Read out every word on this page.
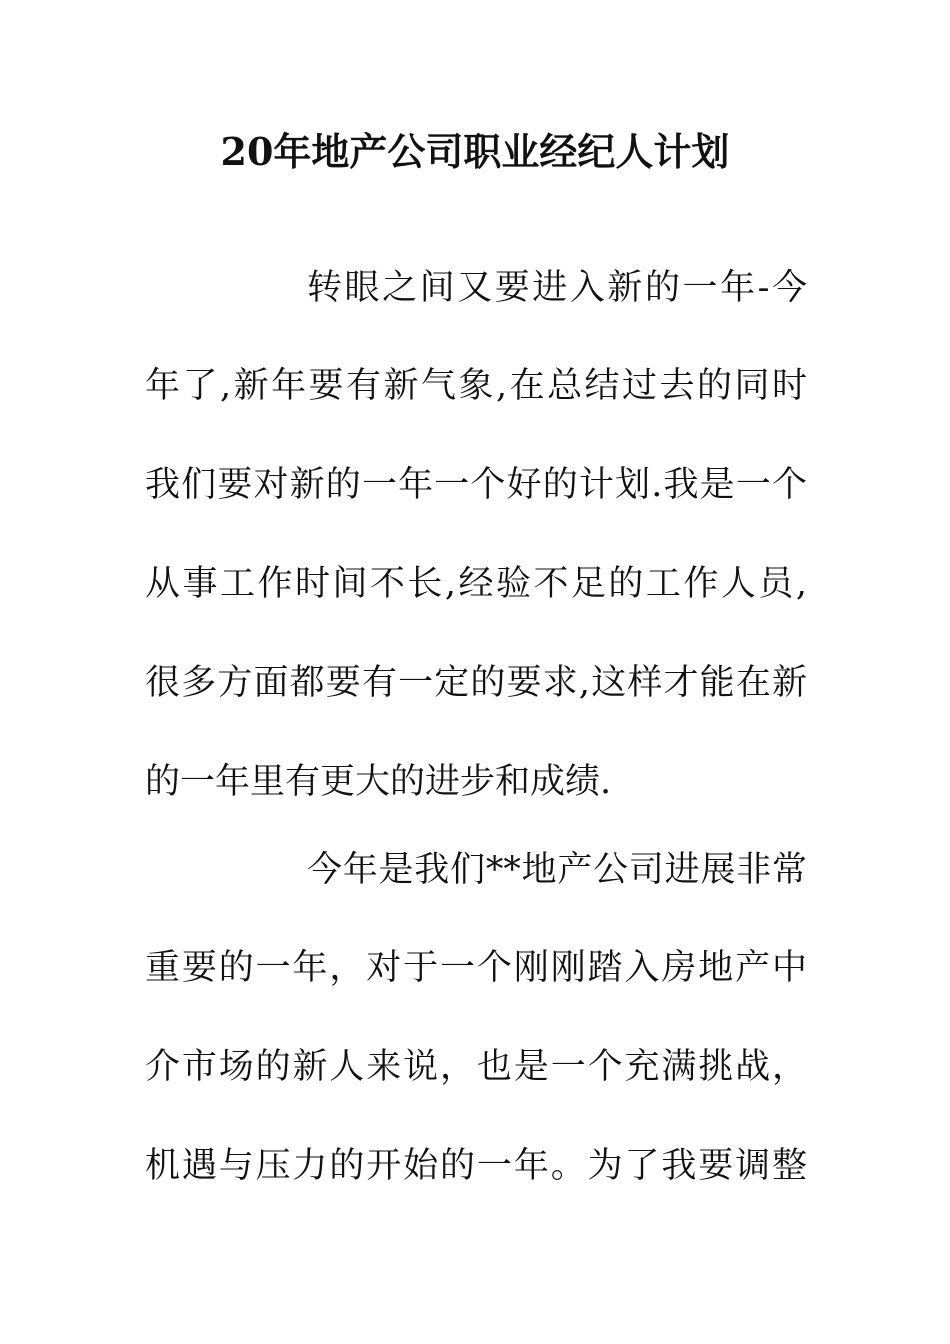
20年地产公司职业经纪人计划
转眼之间又要进入新的一年-今
年了,新年要有新气象,在总结过去的同时
我们要对新的一年一个好的计划.我是一个
从事工作时间不长,经验不足的工作人员,
很多方面都要有一定的要求,这样才能在新
的一年里有更大的进步和成绩.
今年是我们**地产公司进展非常
重要的一年，对于一个刚刚踏入房地产中
介市场的新人来说，也是一个充满挑战，
机遇与压力的开始的一年。为了我要调整
